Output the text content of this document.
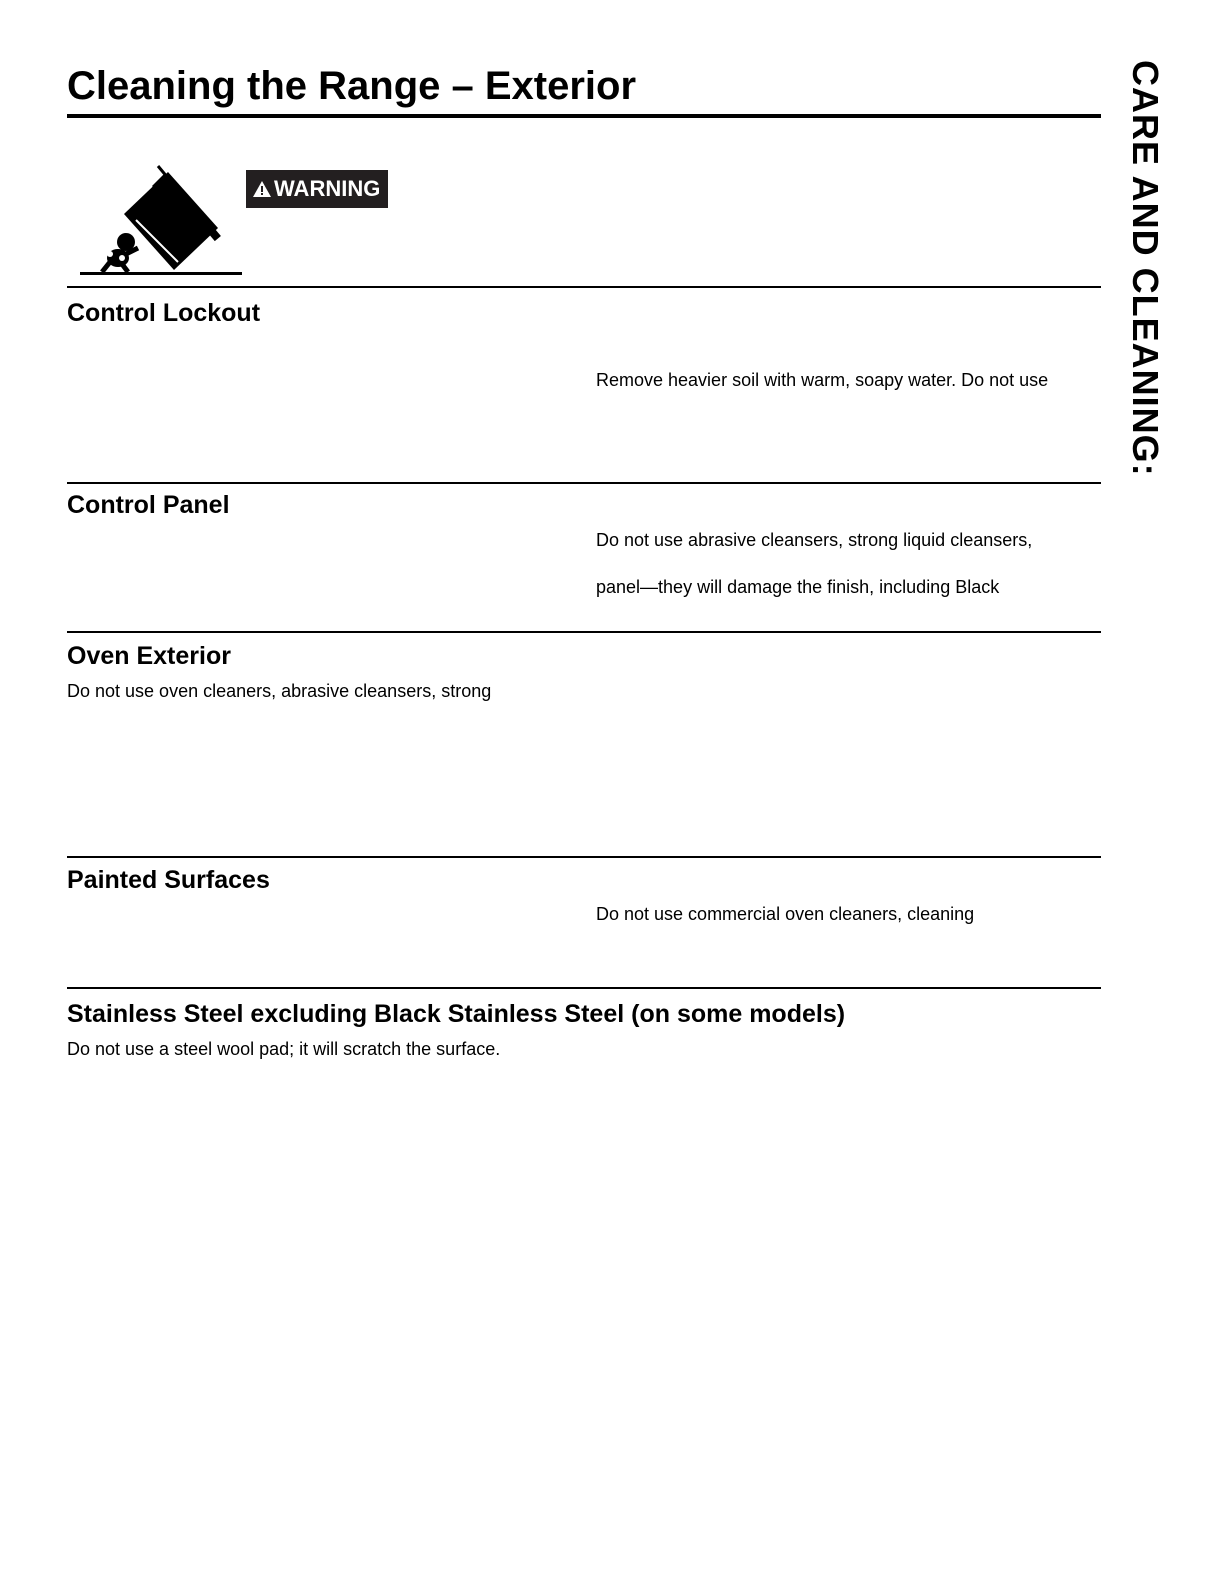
Cleaning the Range – Exterior	CARE AND CLEANING:
WARNING
Control Lockout

Remove heavier soil with warm, soapy water. Do not use

Control Panel

Do not use abrasive cleansers, strong liquid cleansers,

panel—they will damage the finish, including Black

Oven Exterior

Do not use oven cleaners, abrasive cleansers, strong

Painted Surfaces

Do not use commercial oven cleaners, cleaning

Stainless Steel excluding Black Stainless Steel (on some models)

Do not use a steel wool pad; it will scratch the surface.
